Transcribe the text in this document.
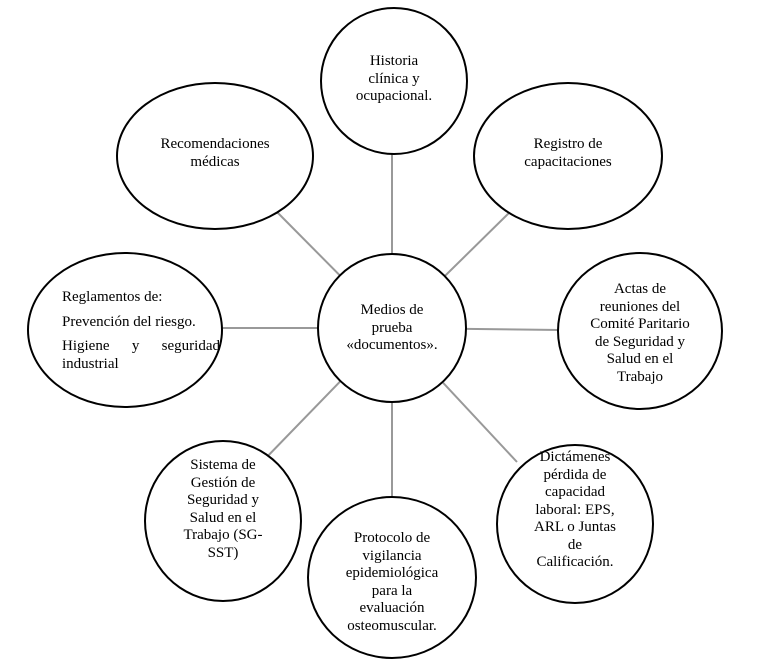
Historia
clínica y
ocupacional.
Registro de
capacitaciones
Actas de
reuniones del
Comité Paritario
de Seguridad y
Salud en el
Trabajo
Dictámenes
pérdida de
capacidad
laboral: EPS,
ARL o Juntas
de
Calificación.
Protocolo de
vigilancia
epidemiológica
para la
evaluación
osteomuscular.
Sistema de
Gestión de
Seguridad y
Salud en el
Trabajo (SG-
SST)
Reglamentos de:
Prevención del riesgo.
Higiene y seguridad
industrial
Recomendaciones
médicas
Medios de
prueba
«documentos».
